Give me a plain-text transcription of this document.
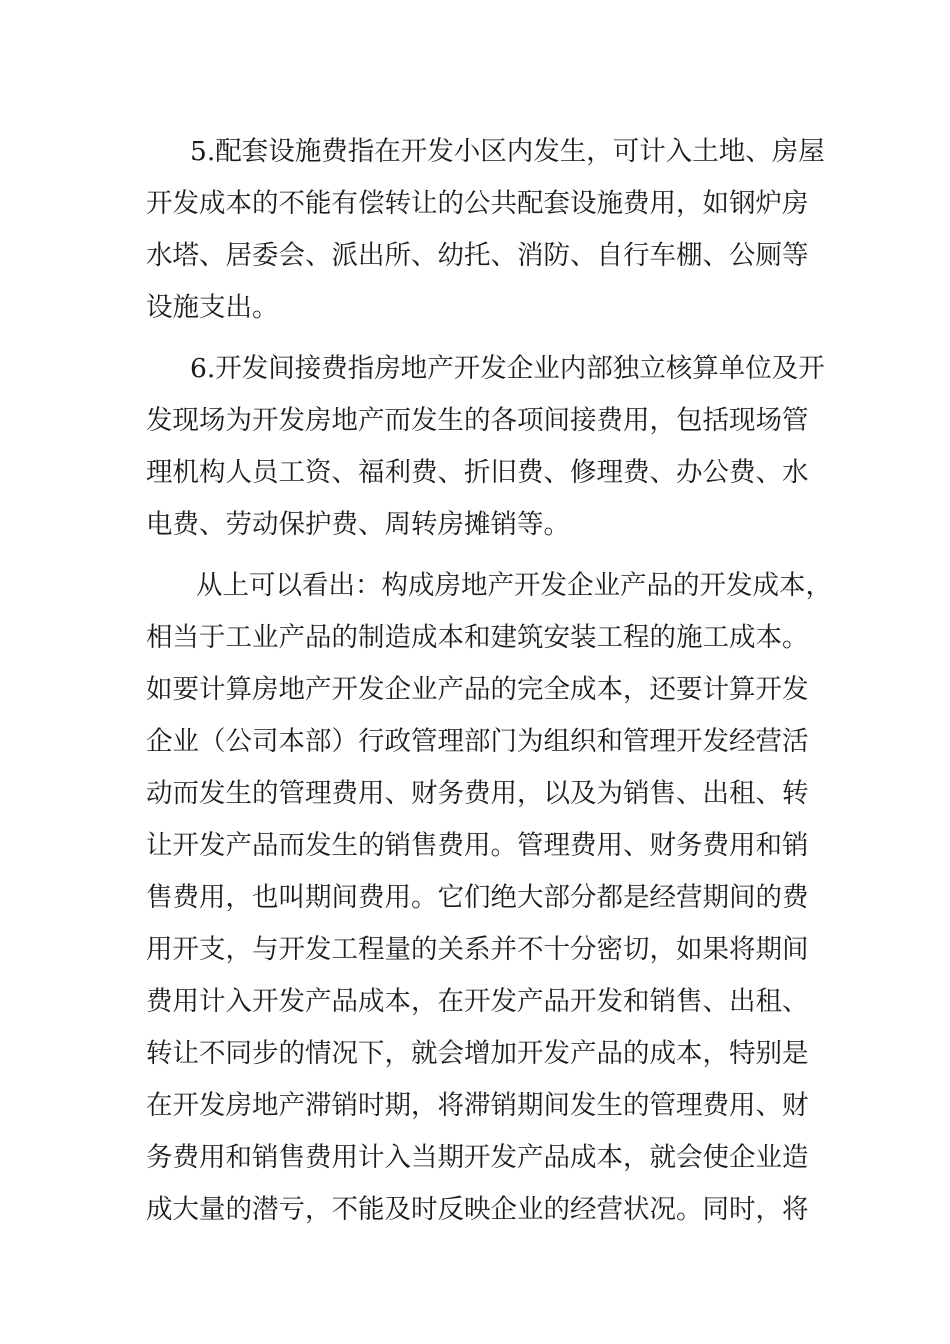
5.配套设施费指在开发小区内发生，可计入土地、房屋
开发成本的不能有偿转让的公共配套设施费用，如钢炉房
水塔、居委会、派出所、幼托、消防、自行车棚、公厕等
设施支出。
6.开发间接费指房地产开发企业内部独立核算单位及开
发现场为开发房地产而发生的各项间接费用，包括现场管
理机构人员工资、福利费、折旧费、修理费、办公费、水
电费、劳动保护费、周转房摊销等。
从上可以看出：构成房地产开发企业产品的开发成本，
相当于工业产品的制造成本和建筑安装工程的施工成本。
如要计算房地产开发企业产品的完全成本，还要计算开发
企业（公司本部）行政管理部门为组织和管理开发经营活
动而发生的管理费用、财务费用，以及为销售、出租、转
让开发产品而发生的销售费用。管理费用、财务费用和销
售费用，也叫期间费用。它们绝大部分都是经营期间的费
用开支，与开发工程量的关系并不十分密切，如果将期间
费用计入开发产品成本，在开发产品开发和销售、出租、
转让不同步的情况下，就会增加开发产品的成本，特别是
在开发房地产滞销时期，将滞销期间发生的管理费用、财
务费用和销售费用计入当期开发产品成本，就会使企业造
成大量的潜亏，不能及时反映企业的经营状况。同时，将
